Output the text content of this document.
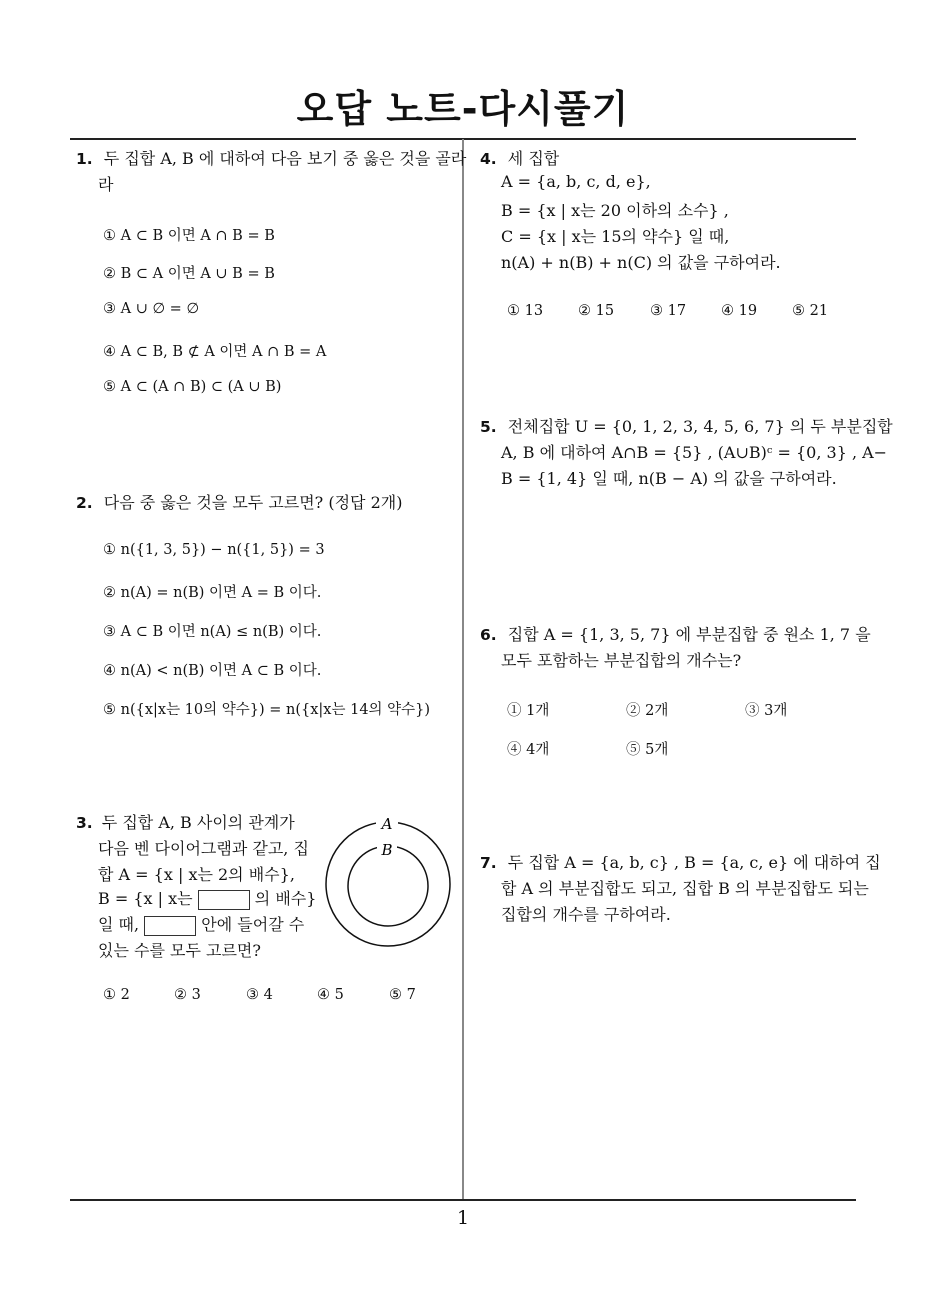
오답 노트-다시풀기
1
1. 두 집합 A, B 에 대하여 다음 보기 중 옳은 것을 골라
라
① A ⊂ B 이면 A ∩ B = B
② B ⊂ A 이면 A ∪ B = B
③ A ∪ ∅ = ∅
④ A ⊂ B, B ⊄ A 이면 A ∩ B = A
⑤ A ⊂ (A ∩ B) ⊂ (A ∪ B)
2. 다음 중 옳은 것을 모두 고르면? (정답 2개)
① n({1, 3, 5}) − n({1, 5}) = 3
② n(A) = n(B) 이면 A = B 이다.
③ A ⊂ B 이면 n(A) ≤ n(B) 이다.
④ n(A) < n(B) 이면 A ⊂ B 이다.
⑤ n({x|x는 10의 약수}) = n({x|x는 14의 약수})
3. 두 집합 A, B 사이의 관계가
다음 벤 다이어그램과 같고, 집
합 A = {x | x는 2의 배수},
B = {x | x는	의 배수}
일 때,	안에 들어갈 수
있는 수를 모두 고르면?
A
B
① 2	② 3	③ 4	④ 5	⑤ 7
4. 세 집합
A = {a, b, c, d, e},
B = {x | x는 20 이하의 소수} ,
C = {x | x는 15의 약수} 일 때,
n(A) + n(B) + n(C) 의 값을 구하여라.
① 13 ② 15 ③ 17 ④ 19 ⑤ 21
5. 전체집합 U = {0, 1, 2, 3, 4, 5, 6, 7} 의 두 부분집합
A, B 에 대하여 A∩B = {5} , (A∪B)ᶜ = {0, 3} , A−
B = {1, 4} 일 때, n(B − A) 의 값을 구하여라.
6. 집합 A = {1, 3, 5, 7} 에 부분집합 중 원소 1, 7 을
모두 포함하는 부분집합의 개수는?
① 1개	② 2개	③ 3개
④ 4개	⑤ 5개
7. 두 집합 A = {a, b, c} , B = {a, c, e} 에 대하여 집
합 A 의 부분집합도 되고, 집합 B 의 부분집합도 되는
집합의 개수를 구하여라.
